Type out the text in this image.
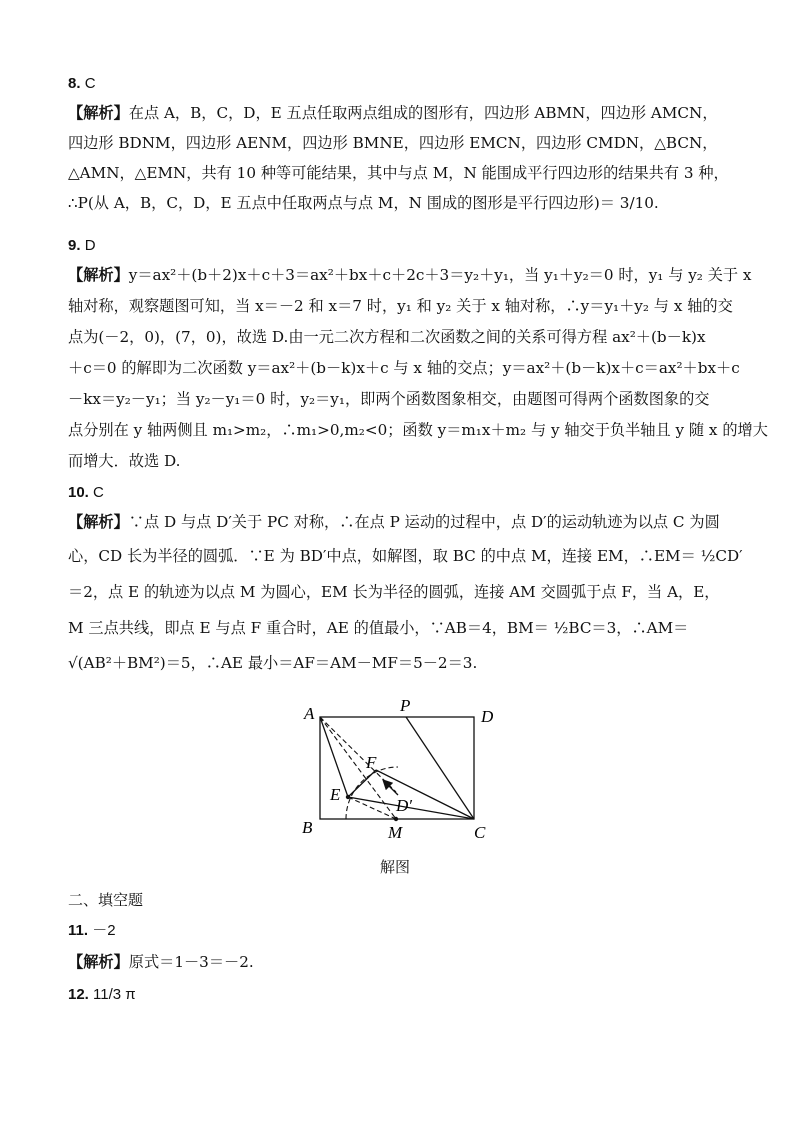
8. C
【解析】在点 A，B，C，D，E 五点任取两点组成的图形有，四边形 ABMN，四边形 AMCN，
四边形 BDNM，四边形 AENM，四边形 BMNE，四边形 EMCN，四边形 CMDN，△BCN，
△AMN，△EMN，共有 10 种等可能结果，其中与点 M，N 能围成平行四边形的结果共有 3 种，
∴P(从 A，B，C，D，E 五点中任取两点与点 M，N 围成的图形是平行四边形)＝ 3/10.
9. D
【解析】y＝ax²＋(b＋2)x＋c＋3＝ax²＋bx＋c＋2c＋3＝y₂＋y₁，当 y₁＋y₂＝0 时，y₁ 与 y₂ 关于 x
轴对称，观察题图可知，当 x＝－2 和 x＝7 时，y₁ 和 y₂ 关于 x 轴对称，∴y＝y₁＋y₂ 与 x 轴的交
点为(－2，0)，(7，0)，故选 D.由一元二次方程和二次函数之间的关系可得方程 ax²＋(b－k)x
＋c＝0 的解即为二次函数 y＝ax²＋(b－k)x＋c 与 x 轴的交点；y＝ax²＋(b－k)x＋c＝ax²＋bx＋c
－kx＝y₂－y₁；当 y₂－y₁＝0 时，y₂＝y₁，即两个函数图象相交，由题图可得两个函数图象的交
点分别在 y 轴两侧且 m₁>m₂，∴m₁>0,m₂<0；函数 y＝m₁x＋m₂ 与 y 轴交于负半轴且 y 随 x 的增大
而增大．故选 D.
10. C
【解析】∵点 D 与点 D′关于 PC 对称，∴在点 P 运动的过程中，点 D′的运动轨迹为以点 C 为圆
心，CD 长为半径的圆弧．∵E 为 BD′中点，如解图，取 BC 的中点 M，连接 EM，∴EM＝ ½CD′
＝2，点 E 的轨迹为以点 M 为圆心，EM 长为半径的圆弧，连接 AM 交圆弧于点 F，当 A，E，
M 三点共线，即点 E 与点 F 重合时，AE 的值最小，∵AB＝4，BM＝ ½BC＝3，∴AM＝
√(AB²＋BM²)＝5，∴AE 最小＝AF＝AM－MF＝5－2＝3.
A	P
D
F
E
D′
B	M	C
解图
二、填空题
11. －2
【解析】原式＝1－3＝－2.
12. 11/3 π
